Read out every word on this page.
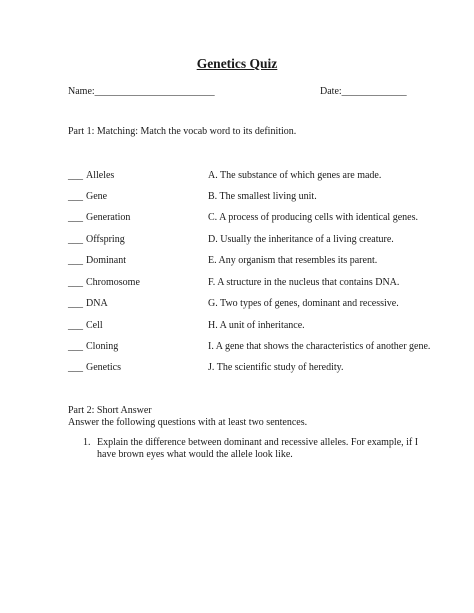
Genetics Quiz
Name:________________________	Date:_____________
Part 1: Matching: Match the vocab word to its definition.
___ Alleles	A. The substance of which genes are made.
___ Gene	B. The smallest living unit.
___ Generation	C. A process of producing cells with identical genes.
___ Offspring	D. Usually the inheritance of a living creature.
___ Dominant	E. Any organism that resembles its parent.
___ Chromosome	F. A structure in the nucleus that contains DNA.
___ DNA	G. Two types of genes, dominant and recessive.
___ Cell	H. A unit of inheritance.
___ Cloning	I. A gene that shows the characteristics of another gene.
___ Genetics	J. The scientific study of heredity.
Part 2: Short Answer
Answer the following questions with at least two sentences.
1. Explain the difference between dominant and recessive alleles. For example, if I have brown eyes what would the allele look like.
